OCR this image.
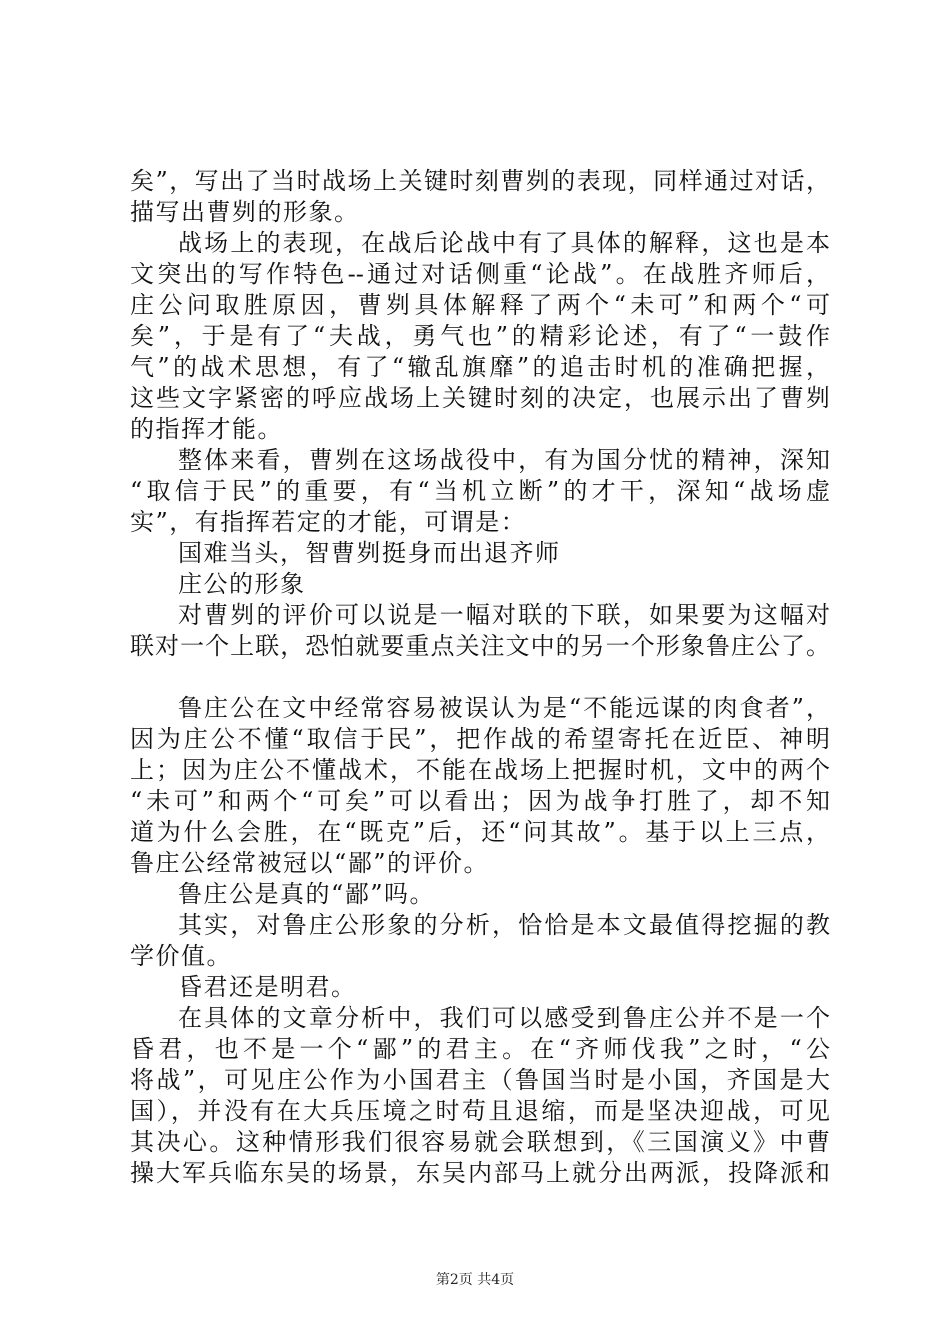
矣”，写出了当时战场上关键时刻曹刿的表现，同样通过对话，
描写出曹刿的形象。
战场上的表现，在战后论战中有了具体的解释，这也是本
文突出的写作特色--通过对话侧重“论战”。在战胜齐师后，
庄公问取胜原因，曹刿具体解释了两个“未可”和两个“可
矣”，于是有了“夫战，勇气也”的精彩论述，有了“一鼓作
气”的战术思想，有了“辙乱旗靡”的追击时机的准确把握，
这些文字紧密的呼应战场上关键时刻的决定，也展示出了曹刿
的指挥才能。
整体来看，曹刿在这场战役中，有为国分忧的精神，深知
“取信于民”的重要，有“当机立断”的才干，深知“战场虚
实”，有指挥若定的才能，可谓是：
国难当头，智曹刿挺身而出退齐师
庄公的形象
对曹刿的评价可以说是一幅对联的下联，如果要为这幅对
联对一个上联，恐怕就要重点关注文中的另一个形象鲁庄公了。
鲁庄公在文中经常容易被误认为是“不能远谋的肉食者”，
因为庄公不懂“取信于民”，把作战的希望寄托在近臣、神明
上；因为庄公不懂战术，不能在战场上把握时机，文中的两个
“未可”和两个“可矣”可以看出；因为战争打胜了，却不知
道为什么会胜，在“既克”后，还“问其故”。基于以上三点，
鲁庄公经常被冠以“鄙”的评价。
鲁庄公是真的“鄙”吗。
其实，对鲁庄公形象的分析，恰恰是本文最值得挖掘的教
学价值。
昏君还是明君。
在具体的文章分析中，我们可以感受到鲁庄公并不是一个
昏君，也不是一个“鄙”的君主。在“齐师伐我”之时，“公
将战”，可见庄公作为小国君主（鲁国当时是小国，齐国是大
国），并没有在大兵压境之时苟且退缩，而是坚决迎战，可见
其决心。这种情形我们很容易就会联想到，《三国演义》中曹
操大军兵临东吴的场景，东吴内部马上就分出两派，投降派和
第2页 共4页
